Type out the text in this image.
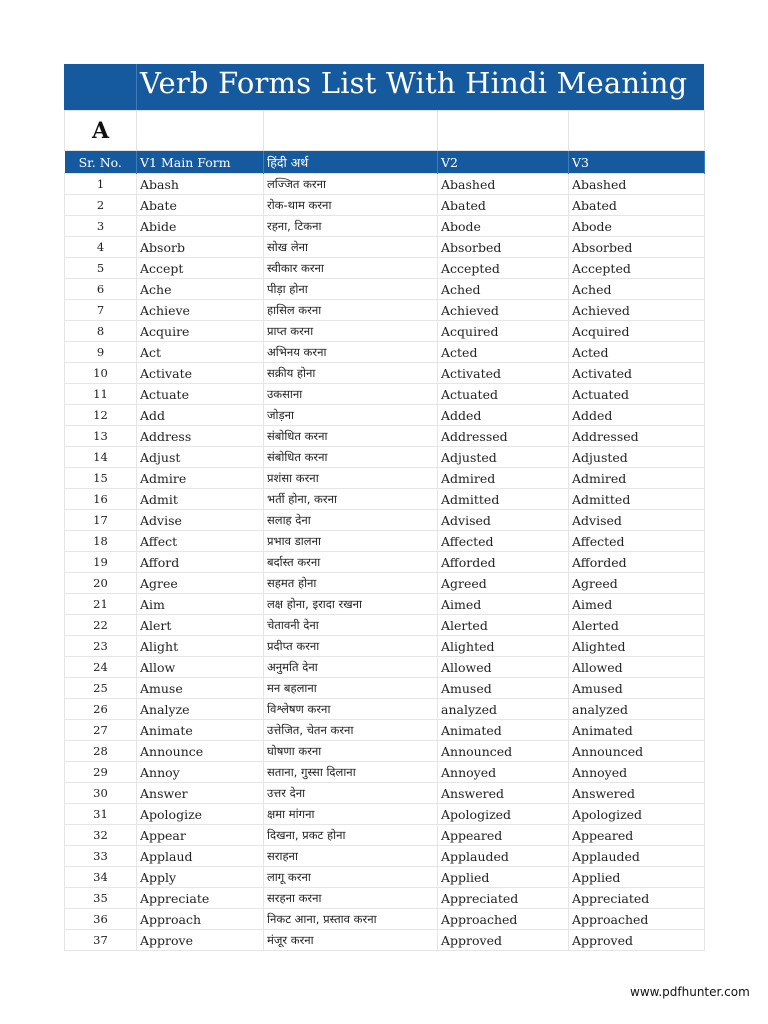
Verb Forms List With Hindi Meaning
A				
Sr. No.	V1 Main Form	हिंदी अर्थ	V2	V3
1	Abash	लज्जित करना	Abashed	Abashed
2	Abate	रोक-थाम करना	Abated	Abated
3	Abide	रहना, टिकना	Abode	Abode
4	Absorb	सोख लेना	Absorbed	Absorbed
5	Accept	स्वीकार करना	Accepted	Accepted
6	Ache	पीड़ा होना	Ached	Ached
7	Achieve	हासिल करना	Achieved	Achieved
8	Acquire	प्राप्त करना	Acquired	Acquired
9	Act	अभिनय करना	Acted	Acted
10	Activate	सक्रीय होना	Activated	Activated
11	Actuate	उकसाना	Actuated	Actuated
12	Add	जोड़ना	Added	Added
13	Address	संबोधित करना	Addressed	Addressed
14	Adjust	संबोधित करना	Adjusted	Adjusted
15	Admire	प्रशंसा करना	Admired	Admired
16	Admit	भर्ती होना, करना	Admitted	Admitted
17	Advise	सलाह देना	Advised	Advised
18	Affect	प्रभाव डालना	Affected	Affected
19	Afford	बर्दास्त करना	Afforded	Afforded
20	Agree	सहमत होना	Agreed	Agreed
21	Aim	लक्ष होना, इरादा रखना	Aimed	Aimed
22	Alert	चेतावनी देना	Alerted	Alerted
23	Alight	प्रदीप्त करना	Alighted	Alighted
24	Allow	अनुमति देना	Allowed	Allowed
25	Amuse	मन बहलाना	Amused	Amused
26	Analyze	विश्लेषण करना	analyzed	analyzed
27	Animate	उत्तेजित, चेतन करना	Animated	Animated
28	Announce	घोषणा करना	Announced	Announced
29	Annoy	सताना, गुस्सा दिलाना	Annoyed	Annoyed
30	Answer	उत्तर देना	Answered	Answered
31	Apologize	क्षमा मांगना	Apologized	Apologized
32	Appear	दिखना, प्रकट होना	Appeared	Appeared
33	Applaud	सराहना	Applauded	Applauded
34	Apply	लागू करना	Applied	Applied
35	Appreciate	सरहना करना	Appreciated	Appreciated
36	Approach	निकट आना, प्रस्ताव करना	Approached	Approached
37	Approve	मंजूर करना	Approved	Approved
www.pdfhunter.com
